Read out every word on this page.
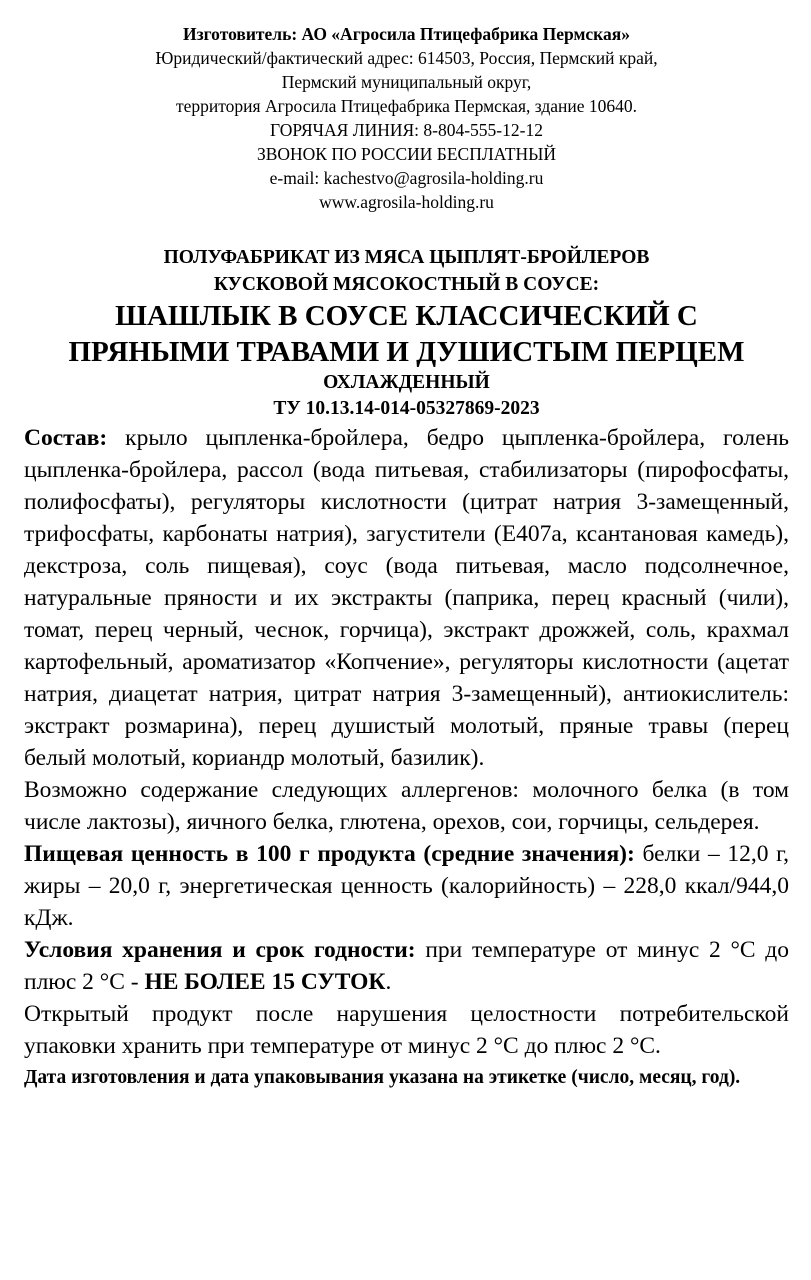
Изготовитель: АО «Агросила Птицефабрика Пермская»
Юридический/фактический адрес: 614503, Россия, Пермский край,
Пермский муниципальный округ,
территория Агросила Птицефабрика Пермская, здание 10640.
ГОРЯЧАЯ ЛИНИЯ: 8-804-555-12-12
ЗВОНОК ПО РОССИИ БЕСПЛАТНЫЙ
e-mail: kachestvo@agrosila-holding.ru
www.agrosila-holding.ru
ПОЛУФАБРИКАТ ИЗ МЯСА ЦЫПЛЯТ-БРОЙЛЕРОВ
КУСКОВОЙ МЯСОКОСТНЫЙ В СОУСЕ:
ШАШЛЫК В СОУСЕ КЛАССИЧЕСКИЙ С
ПРЯНЫМИ ТРАВАМИ И ДУШИСТЫМ ПЕРЦЕМ
ОХЛАЖДЕННЫЙ
ТУ 10.13.14-014-05327869-2023

Состав: крыло цыпленка-бройлера, бедро цыпленка-бройлера, голень цыпленка-бройлера, рассол (вода питьевая, стабилизаторы (пирофосфаты, полифосфаты), регуляторы кислотности (цитрат натрия 3-замещенный, трифосфаты, карбонаты натрия), загустители (Е407а, ксантановая камедь), декстроза, соль пищевая), соус (вода питьевая, масло подсолнечное, натуральные пряности и их экстракты (паприка, перец красный (чили), томат, перец черный, чеснок, горчица), экстракт дрожжей, соль, крахмал картофельный, ароматизатор «Копчение», регуляторы кислотности (ацетат натрия, диацетат натрия, цитрат натрия 3-замещенный), антиокислитель: экстракт розмарина), перец душистый молотый, пряные травы (перец белый молотый, кориандр молотый, базилик).

Возможно содержание следующих аллергенов: молочного белка (в том числе лактозы), яичного белка, глютена, орехов, сои, горчицы, сельдерея.

Пищевая ценность в 100 г продукта (средние значения): белки – 12,0 г, жиры – 20,0 г, энергетическая ценность (калорийность) – 228,0 ккал/944,0 кДж.

Условия хранения и срок годности: при температуре от минус 2 °С до плюс 2 °С - НЕ БОЛЕЕ 15 СУТОК.

Открытый продукт после нарушения целостности потребительской упаковки хранить при температуре от минус 2 °С до плюс 2 °С.

Дата изготовления и дата упаковывания указана на этикетке (число, месяц, год).
